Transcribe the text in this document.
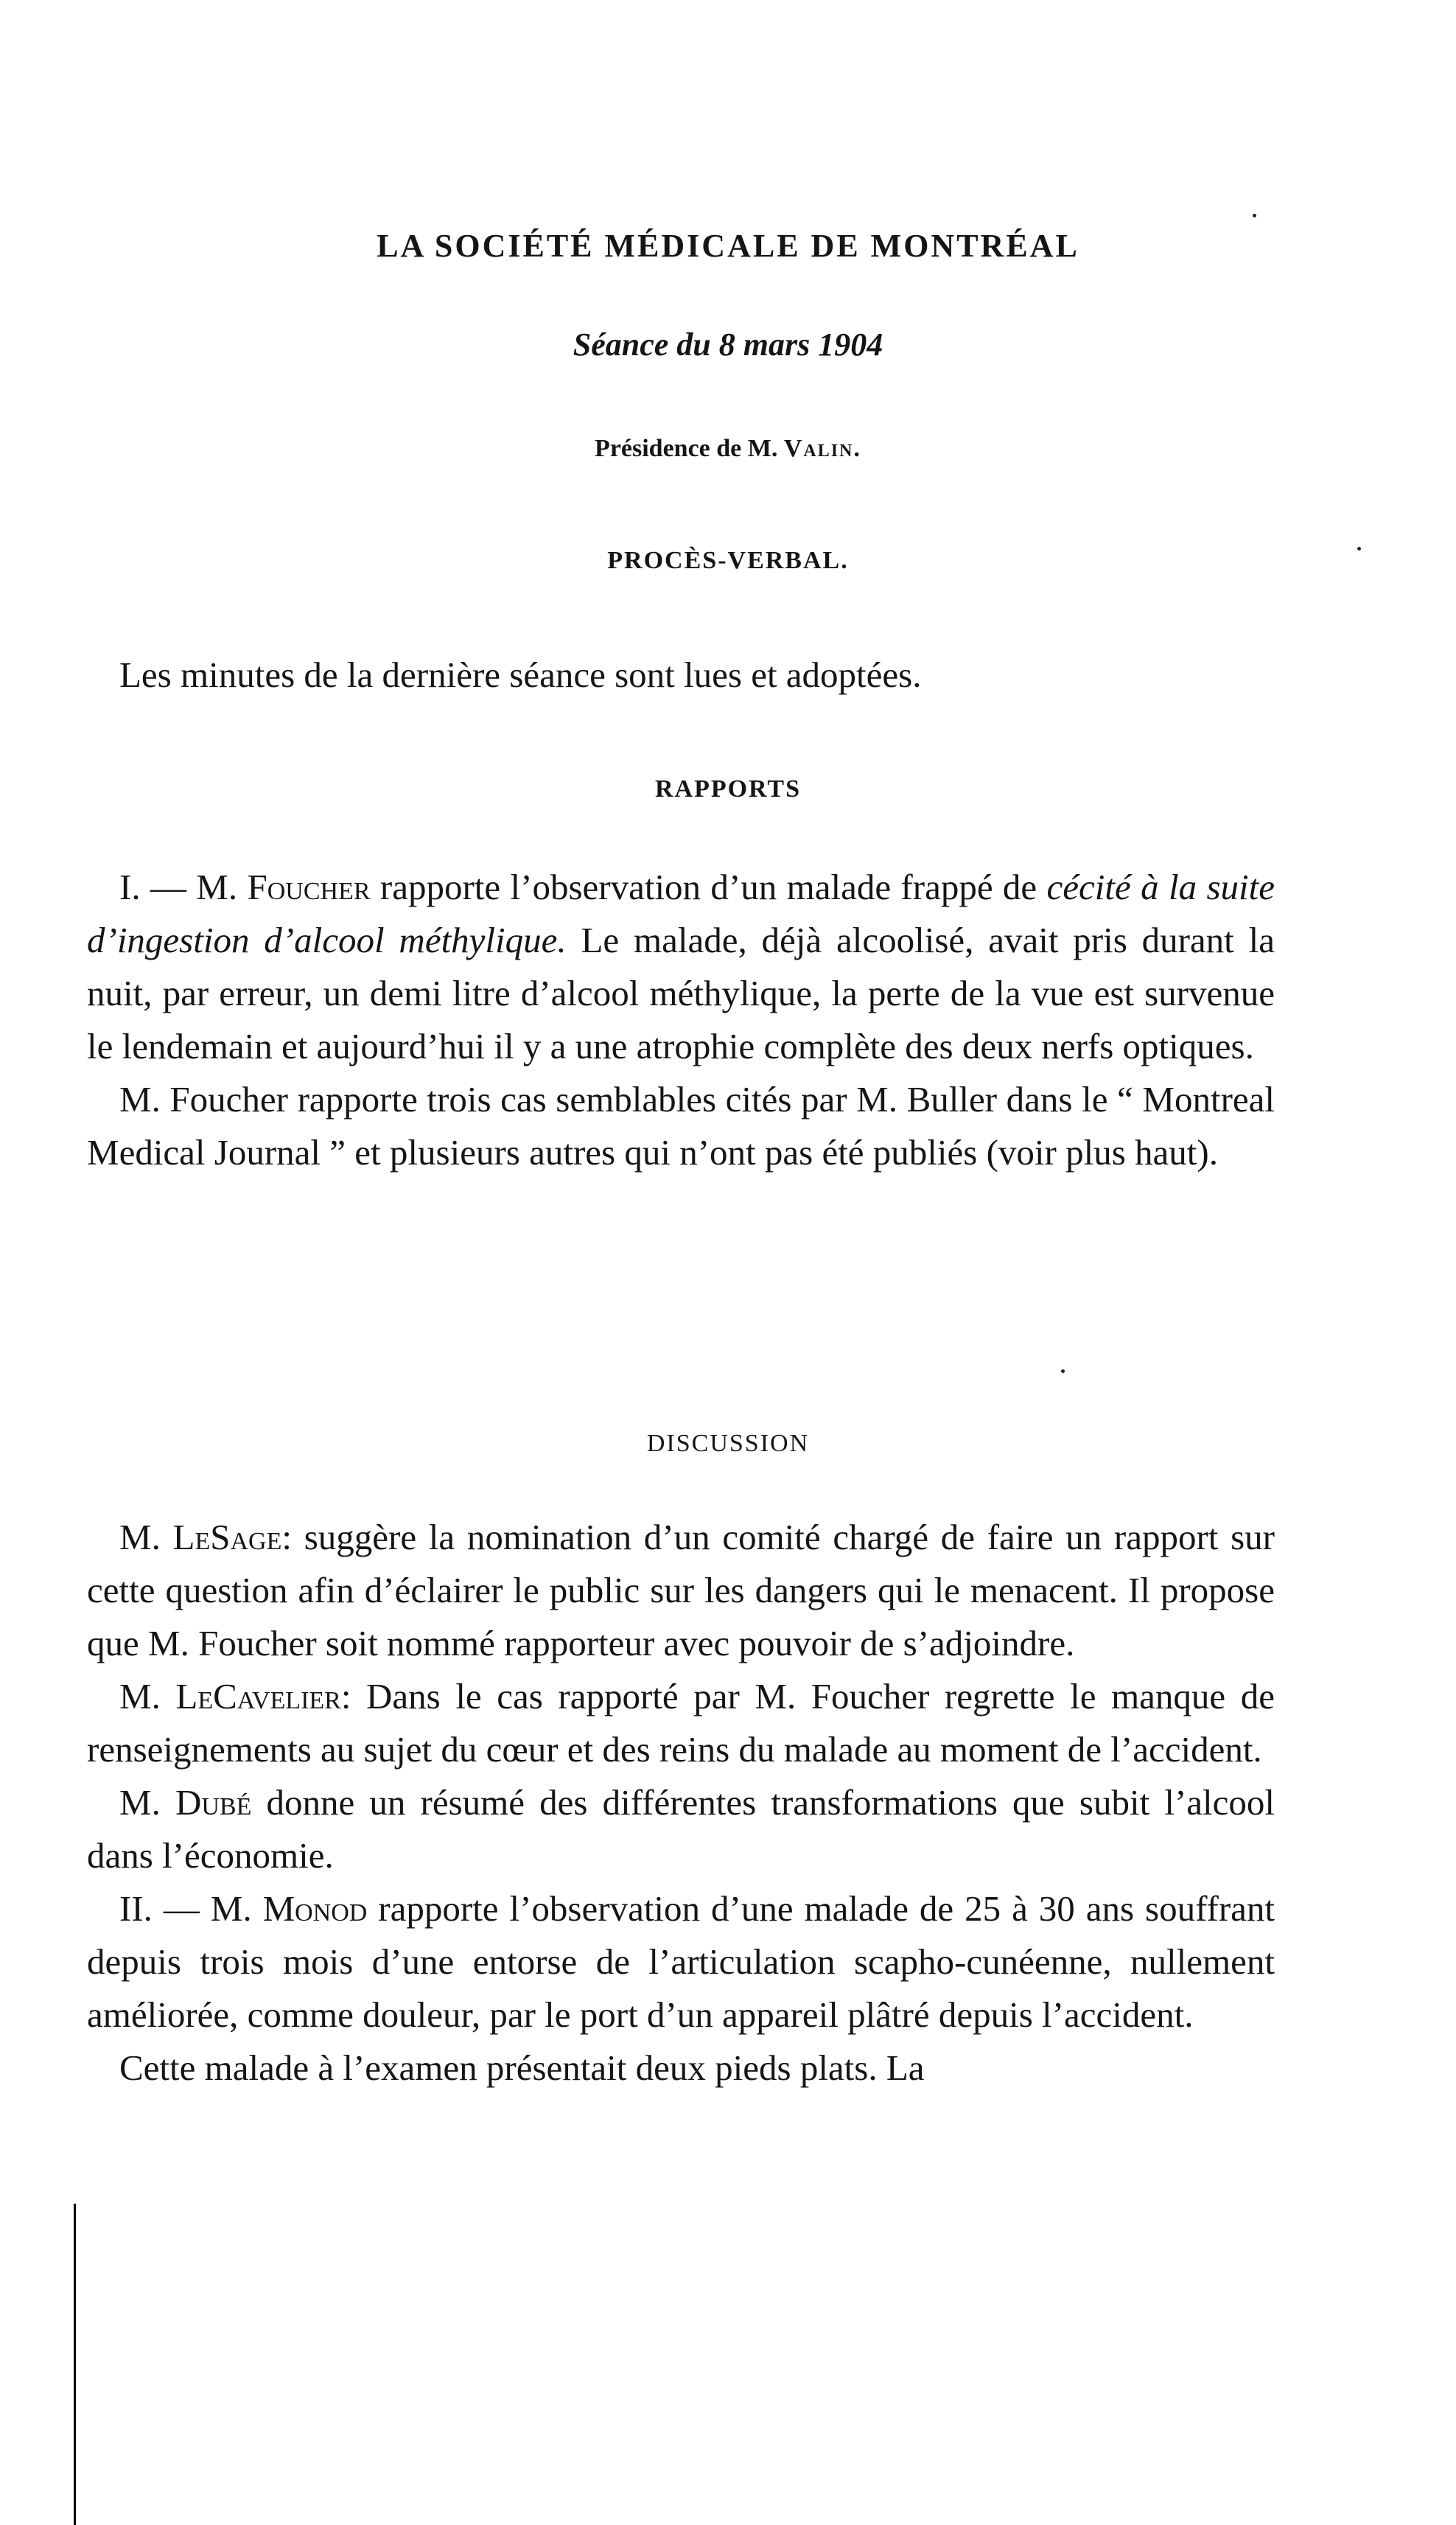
LA SOCIÉTÉ MÉDICALE DE MONTRÉAL
Séance du 8 mars 1904
Présidence de M. Valin.
PROCÈS-VERBAL.

Les minutes de la dernière séance sont lues et adoptées.

RAPPORTS

I. — M. Foucher rapporte l’observation d’un malade frappé de cécité à la suite d’ingestion d’alcool méthylique. Le malade, déjà alcoolisé, avait pris durant la nuit, par erreur, un demi litre d’alcool méthylique, la perte de la vue est survenue le lendemain et aujourd’hui il y a une atrophie complète des deux nerfs optiques.

M. Foucher rapporte trois cas semblables cités par M. Buller dans le “ Montreal Medical Journal ” et plusieurs autres qui n’ont pas été publiés (voir plus haut).

DISCUSSION

M. LeSage: suggère la nomination d’un comité chargé de faire un rapport sur cette question afin d’éclairer le public sur les dangers qui le menacent. Il propose que M. Foucher soit nommé rapporteur avec pouvoir de s’adjoindre.

M. LeCavelier: Dans le cas rapporté par M. Foucher regrette le manque de renseignements au sujet du cœur et des reins du malade au moment de l’accident.

M. Dubé donne un résumé des différentes transformations que subit l’alcool dans l’économie.

II. — M. Monod rapporte l’observation d’une malade de 25 à 30 ans souffrant depuis trois mois d’une entorse de l’articulation scapho-cunéenne, nullement améliorée, comme douleur, par le port d’un appareil plâtré depuis l’accident.

Cette malade à l’examen présentait deux pieds plats. La
